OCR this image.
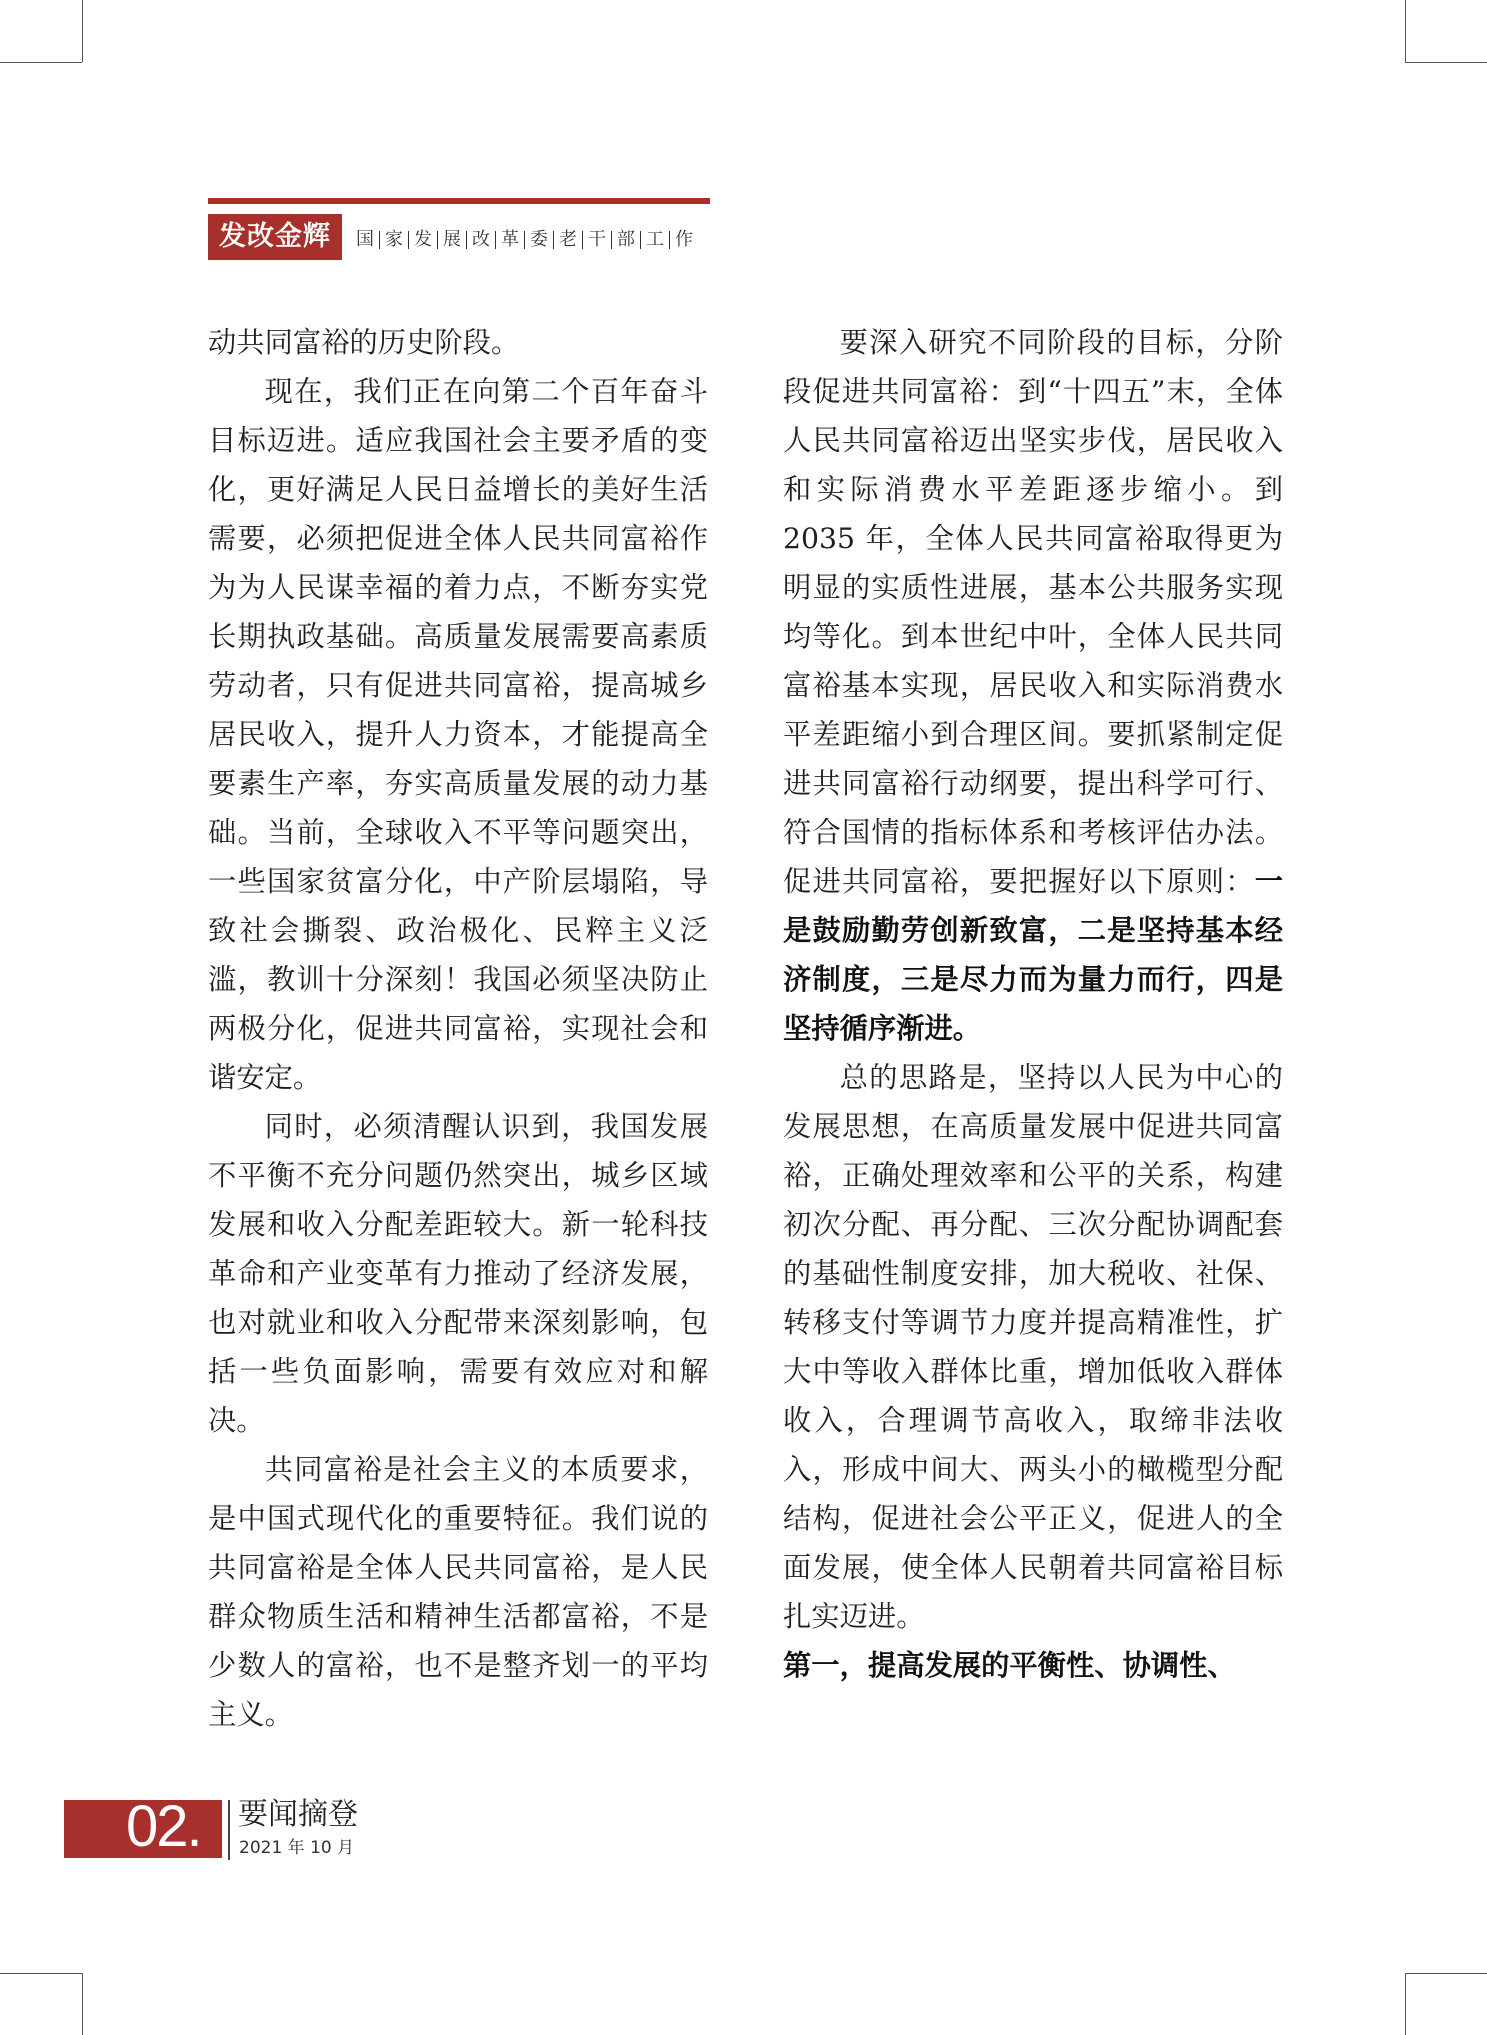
发改金辉	国 家 发 展 改 革 委 老 干 部 工 作

动共同富裕的历史阶段。

现在，我们正在向第二个百年奋斗目标迈进。适应我国社会主要矛盾的变化，更好满足人民日益增长的美好生活需要，必须把促进全体人民共同富裕作为为人民谋幸福的着力点，不断夯实党长期执政基础。高质量发展需要高素质劳动者，只有促进共同富裕，提高城乡居民收入，提升人力资本，才能提高全要素生产率，夯实高质量发展的动力基础。当前，全球收入不平等问题突出，一些国家贫富分化，中产阶层塌陷，导致社会撕裂、政治极化、民粹主义泛滥，教训十分深刻！我国必须坚决防止两极分化，促进共同富裕，实现社会和谐安定。

同时，必须清醒认识到，我国发展不平衡不充分问题仍然突出，城乡区域发展和收入分配差距较大。新一轮科技革命和产业变革有力推动了经济发展，也对就业和收入分配带来深刻影响，包括一些负面影响，需要有效应对和解决。

共同富裕是社会主义的本质要求，是中国式现代化的重要特征。我们说的共同富裕是全体人民共同富裕，是人民群众物质生活和精神生活都富裕，不是少数人的富裕，也不是整齐划一的平均主义。

要深入研究不同阶段的目标，分阶段促进共同富裕：到“十四五”末，全体人民共同富裕迈出坚实步伐，居民收入和实际消费水平差距逐步缩小。到 2035 年，全体人民共同富裕取得更为明显的实质性进展，基本公共服务实现均等化。到本世纪中叶，全体人民共同富裕基本实现，居民收入和实际消费水平差距缩小到合理区间。要抓紧制定促进共同富裕行动纲要，提出科学可行、符合国情的指标体系和考核评估办法。促进共同富裕，要把握好以下原则：一是鼓励勤劳创新致富，二是坚持基本经济制度，三是尽力而为量力而行，四是坚持循序渐进。

总的思路是，坚持以人民为中心的发展思想，在高质量发展中促进共同富裕，正确处理效率和公平的关系，构建初次分配、再分配、三次分配协调配套的基础性制度安排，加大税收、社保、转移支付等调节力度并提高精准性，扩大中等收入群体比重，增加低收入群体收入，合理调节高收入，取缔非法收入，形成中间大、两头小的橄榄型分配结构，促进社会公平正义，促进人的全面发展，使全体人民朝着共同富裕目标扎实迈进。

第一，提高发展的平衡性、协调性、

02. 要闻摘登
2021 年 10 月
